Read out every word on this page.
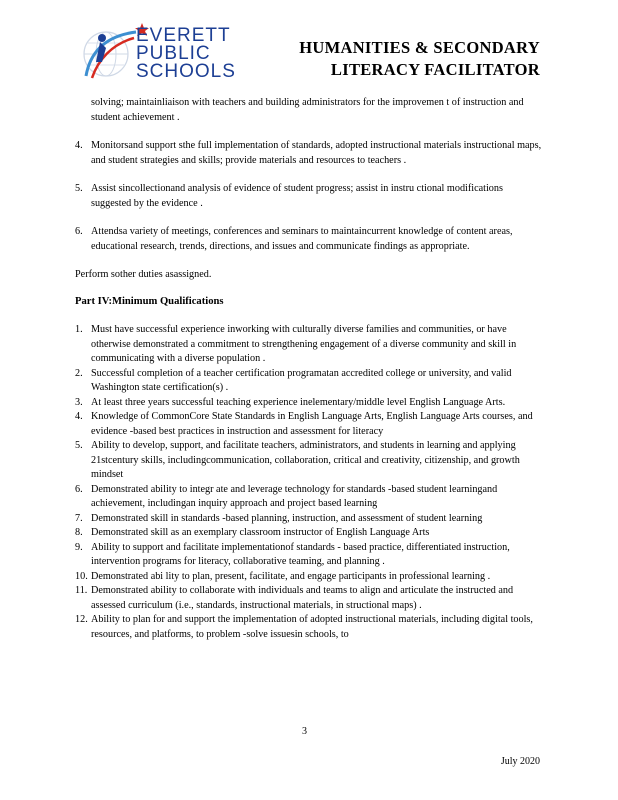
EVERETT
PUBLIC
SCHOOLS
HUMANITIES & SECONDARY
LITERACY FACILITATOR

solving; maintainliaison with teachers and building administrators for the improvemen t of instruction and student achievement .

4. Monitorsand support sthe full implementation of standards, adopted instructional materials instructional maps, and student strategies and skills; provide materials and resources to teachers .
5. Assist sincollectionand analysis of evidence of student progress; assist in instru ctional modifications suggested by the evidence .
6. Attendsa variety of meetings, conferences and seminars to maintaincurrent knowledge of content areas, educational research, trends, directions, and issues and communicate findings as appropriate.

Perform sother duties asassigned.

Part IV:Minimum Qualifications

1. Must have successful experience inworking with culturally diverse families and communities, or have otherwise demonstrated a commitment to strengthening engagement of a diverse community and skill in communicating with a diverse population .
2. Successful completion of a teacher certification programatan accredited college or university, and valid Washington state certification(s) .
3. At least three years successful teaching experience inelementary/middle level English Language Arts.
4. Knowledge of CommonCore State Standards in English Language Arts, English Language Arts courses, and evidence -based best practices in instruction and assessment for literacy
5. Ability to develop, support, and facilitate teachers, administrators, and students in learning and applying 21stcentury skills, includingcommunication, collaboration, critical and creativity, citizenship, and growth mindset
6. Demonstrated ability to integr ate and leverage technology for standards -based student learningand achievement, includingan inquiry approach and project based learning
7. Demonstrated skill in standards -based planning, instruction, and assessment of student learning
8. Demonstrated skill as an exemplary classroom instructor of English Language Arts
9. Ability to support and facilitate implementationof standards - based practice, differentiated instruction, intervention programs for literacy, collaborative teaming, and planning .
10. Demonstrated abi lity to plan, present, facilitate, and engage participants in professional learning .
11. Demonstrated ability to collaborate with individuals and teams to align and articulate the instructed and assessed curriculum (i.e., standards, instructional materials, in structional maps) .
12. Ability to plan for and support the implementation of adopted instructional materials, including digital tools, resources, and platforms, to problem -solve issuesin schools, to
3
July 2020
